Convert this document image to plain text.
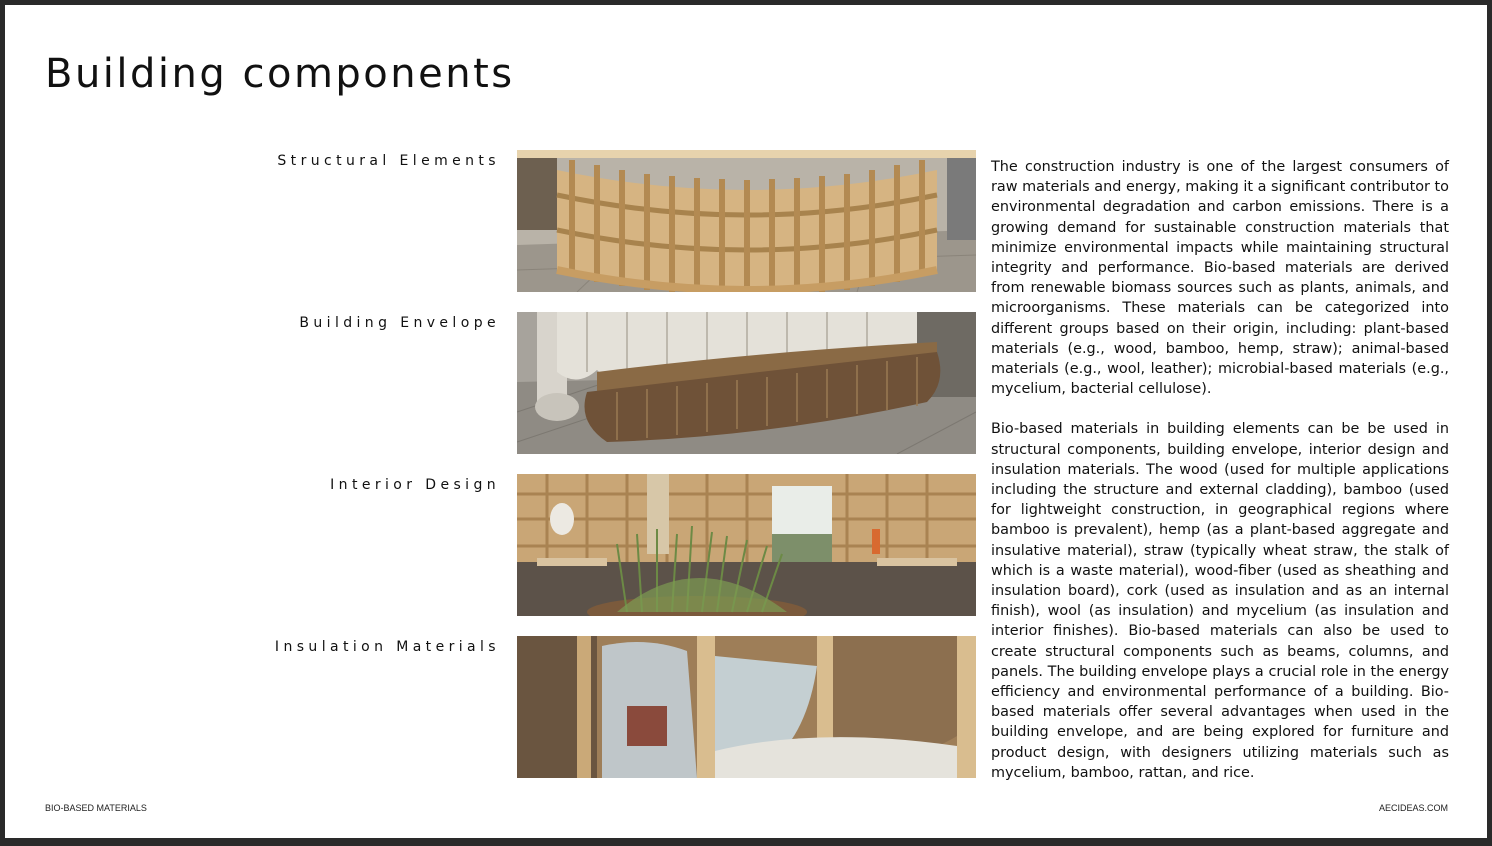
Building components
Structural Elements
Building Envelope
Interior Design
Insulation Materials

The construction industry is one of the largest consumers of raw materials and energy, making it a significant contributor to environmental degradation and carbon emissions. There is a growing demand for sustainable construction materials that minimize environmental impacts while maintaining structural integrity and performance. Bio-based materials are derived from renewable biomass sources such as plants, animals, and microorganisms. These materials can be categorized into different groups based on their origin, including: plant-based materials (e.g., wood, bamboo, hemp, straw); animal-based materials (e.g., wool, leather); microbial-based materials (e.g., mycelium, bacterial cellulose).

Bio-based materials in building elements can be be used in structural components, building envelope, interior design and insulation materials. The wood (used for multiple applications including the structure and external cladding), bamboo (used for lightweight construction, in geographical regions where bamboo is prevalent), hemp (as a plant-based aggregate and insulative material), straw (typically wheat straw, the stalk of which is a waste material), wood-fiber (used as sheathing and insulation board), cork (used as insulation and as an internal finish), wool (as insulation) and mycelium (as insulation and interior finishes). Bio-based materials can also be used to create structural components such as beams, columns, and panels. The building envelope plays a crucial role in the energy efficiency and environmental performance of a building. Bio-based materials offer several advantages when used in the building envelope, and are being explored for furniture and product design, with designers utilizing materials such as mycelium, bamboo, rattan, and rice.

BIO-BASED MATERIALS	AECIDEAS.COM
